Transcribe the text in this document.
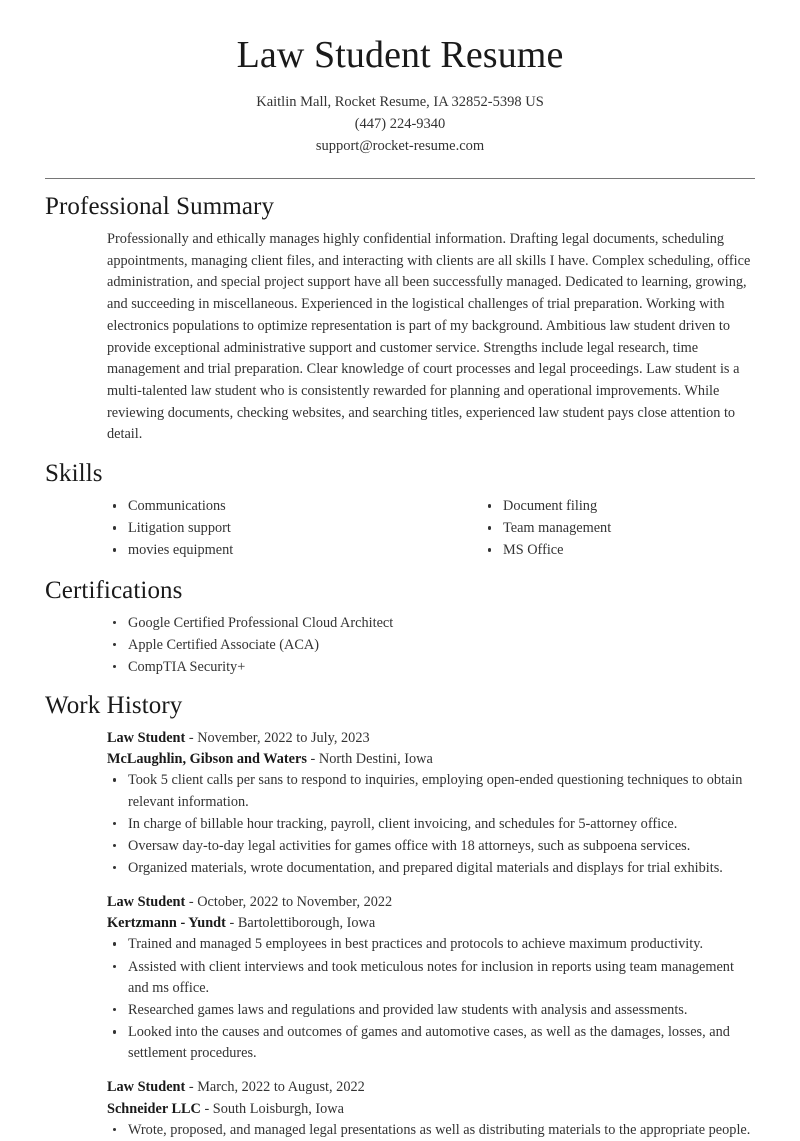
Law Student Resume

Kaitlin Mall, Rocket Resume, IA 32852-5398 US

(447) 224-9340

support@rocket-resume.com

Professional Summary

Professionally and ethically manages highly confidential information. Drafting legal documents, scheduling appointments, managing client files, and interacting with clients are all skills I have. Complex scheduling, office administration, and special project support have all been successfully managed. Dedicated to learning, growing, and succeeding in miscellaneous. Experienced in the logistical challenges of trial preparation. Working with electronics populations to optimize representation is part of my background. Ambitious law student driven to provide exceptional administrative support and customer service. Strengths include legal research, time management and trial preparation. Clear knowledge of court processes and legal proceedings. Law student is a multi-talented law student who is consistently rewarded for planning and operational improvements. While reviewing documents, checking websites, and searching titles, experienced law student pays close attention to detail.

Skills
Communications
Litigation support
movies equipment
Document filing
Team management
MS Office
Certifications
Google Certified Professional Cloud Architect
Apple Certified Associate (ACA)
CompTIA Security+
Work History

Law Student - November, 2022 to July, 2023

McLaughlin, Gibson and Waters - North Destini, Iowa

Took 5 client calls per sans to respond to inquiries, employing open-ended questioning techniques to obtain relevant information.
In charge of billable hour tracking, payroll, client invoicing, and schedules for 5-attorney office.
Oversaw day-to-day legal activities for games office with 18 attorneys, such as subpoena services.
Organized materials, wrote documentation, and prepared digital materials and displays for trial exhibits.

Law Student - October, 2022 to November, 2022

Kertzmann - Yundt - Bartolettiborough, Iowa

Trained and managed 5 employees in best practices and protocols to achieve maximum productivity.
Assisted with client interviews and took meticulous notes for inclusion in reports using team management and ms office.
Researched games laws and regulations and provided law students with analysis and assessments.
Looked into the causes and outcomes of games and automotive cases, as well as the damages, losses, and settlement procedures.

Law Student - March, 2022 to August, 2022

Schneider LLC - South Loisburgh, Iowa

Wrote, proposed, and managed legal presentations as well as distributing materials to the appropriate people.
